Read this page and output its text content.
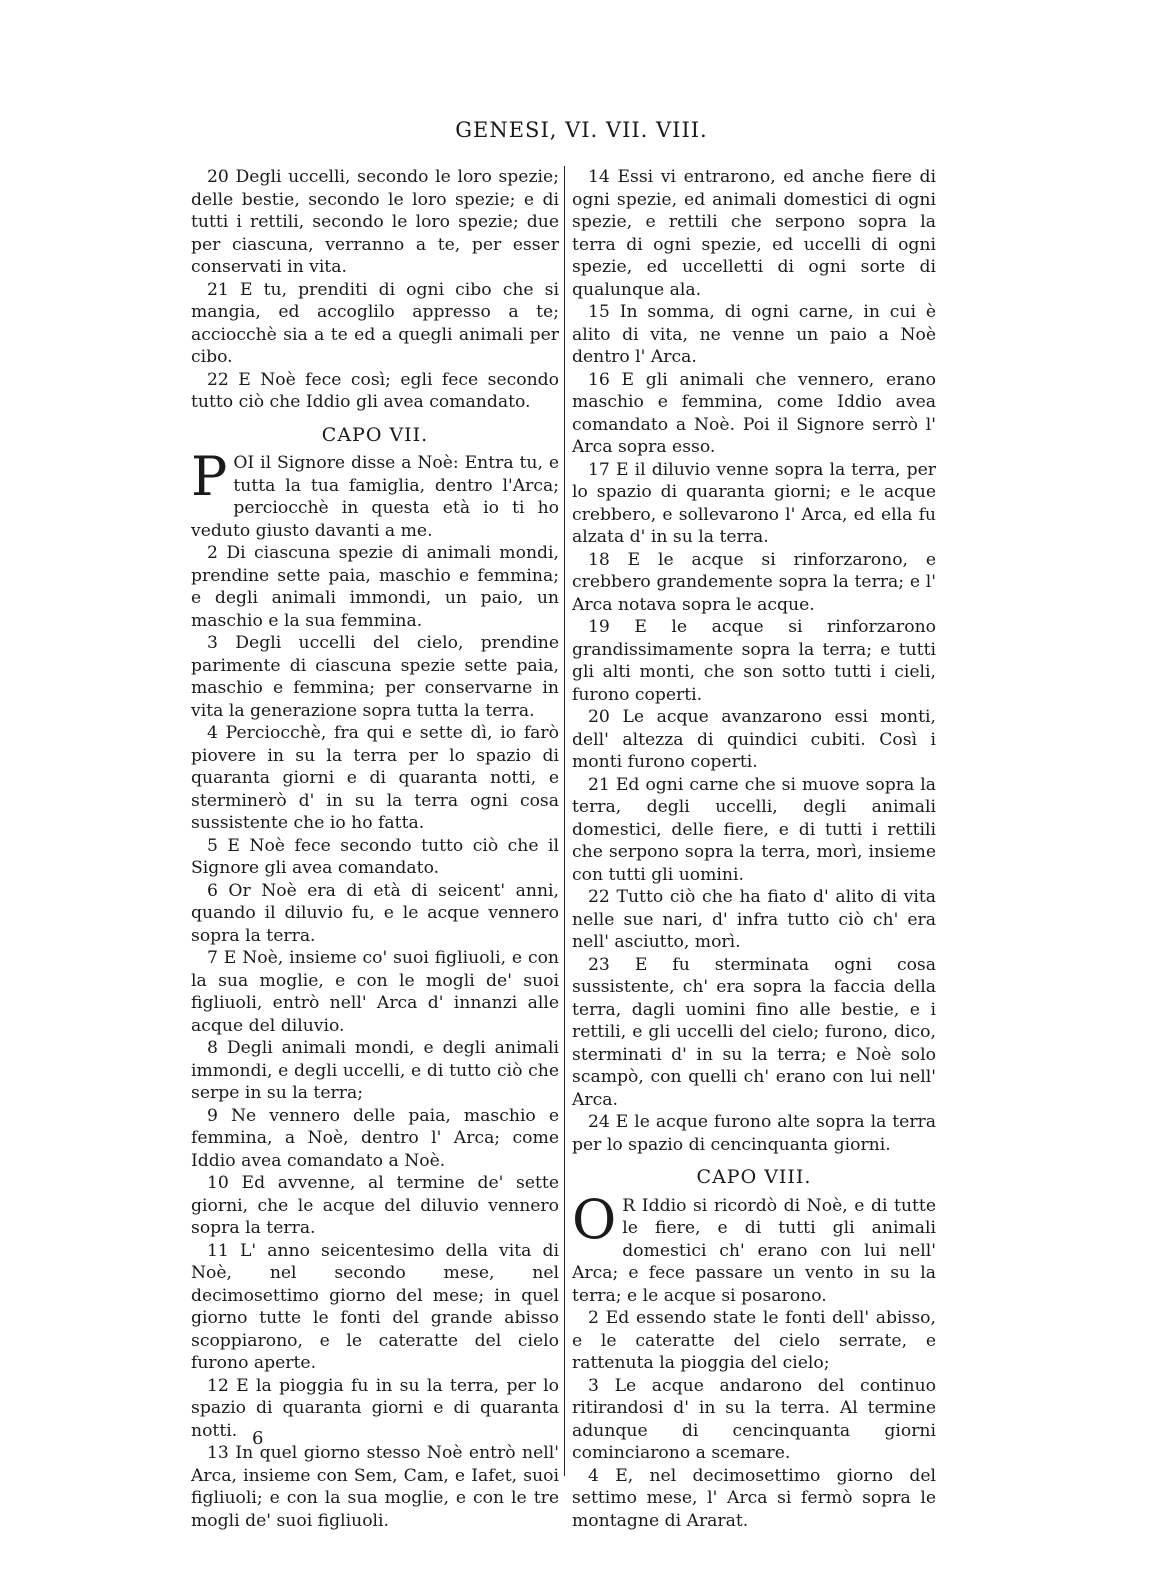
GENESI, VI. VII. VIII.

20 Degli uccelli, secondo le loro spezie; delle bestie, secondo le loro spezie; e di tutti i rettili, secondo le loro spezie; due per ciascuna, verranno a te, per esser conservati in vita.

21 E tu, prenditi di ogni cibo che si mangia, ed accoglilo appresso a te; acciocchè sia a te ed a quegli animali per cibo.

22 E Noè fece così; egli fece secondo tutto ciò che Iddio gli avea comandato.

CAPO VII.

POI il Signore disse a Noè: Entra tu, e tutta la tua famiglia, dentro l'Arca; perciocchè in questa età io ti ho veduto giusto davanti a me.

2 Di ciascuna spezie di animali mondi, prendine sette paia, maschio e femmina; e degli animali immondi, un paio, un maschio e la sua femmina.

3 Degli uccelli del cielo, prendine parimente di ciascuna spezie sette paia, maschio e femmina; per conservarne in vita la generazione sopra tutta la terra.

4 Perciocchè, fra qui e sette dì, io farò piovere in su la terra per lo spazio di quaranta giorni e di quaranta notti, e sterminerò d' in su la terra ogni cosa sussistente che io ho fatta.

5 E Noè fece secondo tutto ciò che il Signore gli avea comandato.

6 Or Noè era di età di seicent' anni, quando il diluvio fu, e le acque vennero sopra la terra.

7 E Noè, insieme co' suoi figliuoli, e con la sua moglie, e con le mogli de' suoi figliuoli, entrò nell' Arca d' innanzi alle acque del diluvio.

8 Degli animali mondi, e degli animali immondi, e degli uccelli, e di tutto ciò che serpe in su la terra;

9 Ne vennero delle paia, maschio e femmina, a Noè, dentro l' Arca; come Iddio avea comandato a Noè.

10 Ed avvenne, al termine de' sette giorni, che le acque del diluvio vennero sopra la terra.

11 L' anno seicentesimo della vita di Noè, nel secondo mese, nel decimosettimo giorno del mese; in quel giorno tutte le fonti del grande abisso scoppiarono, e le cateratte del cielo furono aperte.

12 E la pioggia fu in su la terra, per lo spazio di quaranta giorni e di quaranta notti.

13 In quel giorno stesso Noè entrò nell' Arca, insieme con Sem, Cam, e Iafet, suoi figliuoli; e con la sua moglie, e con le tre mogli de' suoi figliuoli.

14 Essi vi entrarono, ed anche fiere di ogni spezie, ed animali domestici di ogni spezie, e rettili che serpono sopra la terra di ogni spezie, ed uccelli di ogni spezie, ed uccelletti di ogni sorte di qualunque ala.

15 In somma, di ogni carne, in cui è alito di vita, ne venne un paio a Noè dentro l' Arca.

16 E gli animali che vennero, erano maschio e femmina, come Iddio avea comandato a Noè. Poi il Signore serrò l' Arca sopra esso.

17 E il diluvio venne sopra la terra, per lo spazio di quaranta giorni; e le acque crebbero, e sollevarono l' Arca, ed ella fu alzata d' in su la terra.

18 E le acque si rinforzarono, e crebbero grandemente sopra la terra; e l' Arca notava sopra le acque.

19 E le acque si rinforzarono grandissimamente sopra la terra; e tutti gli alti monti, che son sotto tutti i cieli, furono coperti.

20 Le acque avanzarono essi monti, dell' altezza di quindici cubiti. Così i monti furono coperti.

21 Ed ogni carne che si muove sopra la terra, degli uccelli, degli animali domestici, delle fiere, e di tutti i rettili che serpono sopra la terra, morì, insieme con tutti gli uomini.

22 Tutto ciò che ha fiato d' alito di vita nelle sue nari, d' infra tutto ciò ch' era nell' asciutto, morì.

23 E fu sterminata ogni cosa sussistente, ch' era sopra la faccia della terra, dagli uomini fino alle bestie, e i rettili, e gli uccelli del cielo; furono, dico, sterminati d' in su la terra; e Noè solo scampò, con quelli ch' erano con lui nell' Arca.

24 E le acque furono alte sopra la terra per lo spazio di cencinquanta giorni.

CAPO VIII.

O R Iddio si ricordò di Noè, e di tutte le fiere, e di tutti gli animali domestici ch' erano con lui nell' Arca; e fece passare un vento in su la terra; e le acque si posarono.

2 Ed essendo state le fonti dell' abisso, e le cateratte del cielo serrate, e rattenuta la pioggia del cielo;

3 Le acque andarono del continuo ritirandosi d' in su la terra. Al termine adunque di cencinquanta giorni cominciarono a scemare.

4 E, nel decimosettimo giorno del settimo mese, l' Arca si fermò sopra le montagne di Ararat.

6
